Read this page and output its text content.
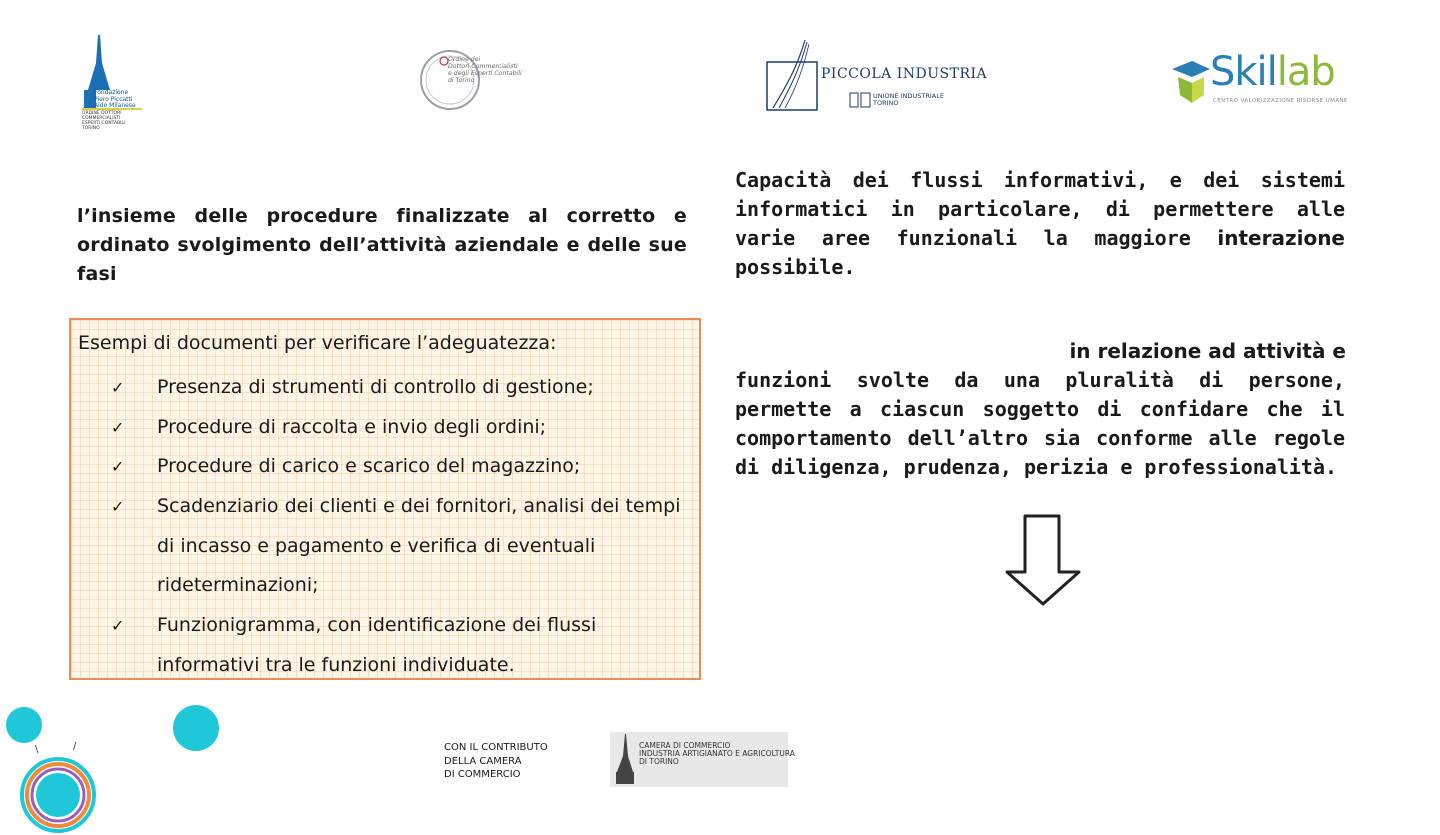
Fondazione
Piero Piccatti
Aldo Milanese
ORDINE DOTTORI
COMMERCIALISTI
ESPERTI CONTABILI
TORINO
Ordine dei
Dottori Commercialisti
e degli Esperti Contabili
di Torino	PICCOLA INDUSTRIA
UNIONE INDUSTRIALE
TORINO
Skillab
CENTRO VALORIZZAZIONE RISORSE UMANE
l’insieme delle procedure finalizzate al corretto e ordinato svolgimento dell’attività aziendale e delle sue fasi
Esempi di documenti per verificare l’adeguatezza:
✓ Presenza di strumenti di controllo di gestione;
✓ Procedure di raccolta e invio degli ordini;
✓ Procedure di carico e scarico del magazzino;
✓ Scadenziario dei clienti e dei fornitori, analisi dei tempi di incasso e pagamento e verifica di eventuali rideterminazioni;
✓ Funzionigramma, con identificazione dei flussi informativi tra le funzioni individuate.
Capacità dei flussi informativi, e dei sistemi informatici in particolare, di permettere alle varie aree funzionali la maggiore interazione possibile.
in relazione ad attività e
funzioni svolte da una pluralità di persone, permette a ciascun soggetto di confidare che il comportamento dell’altro sia conforme alle regole di diligenza, prudenza, perizia e professionalità.
\	/	CON IL CONTRIBUTO
DELLA CAMERA
DI COMMERCIO
CAMERA DI COMMERCIO
INDUSTRIA ARTIGIANATO E AGRICOLTURA
DI TORINO
